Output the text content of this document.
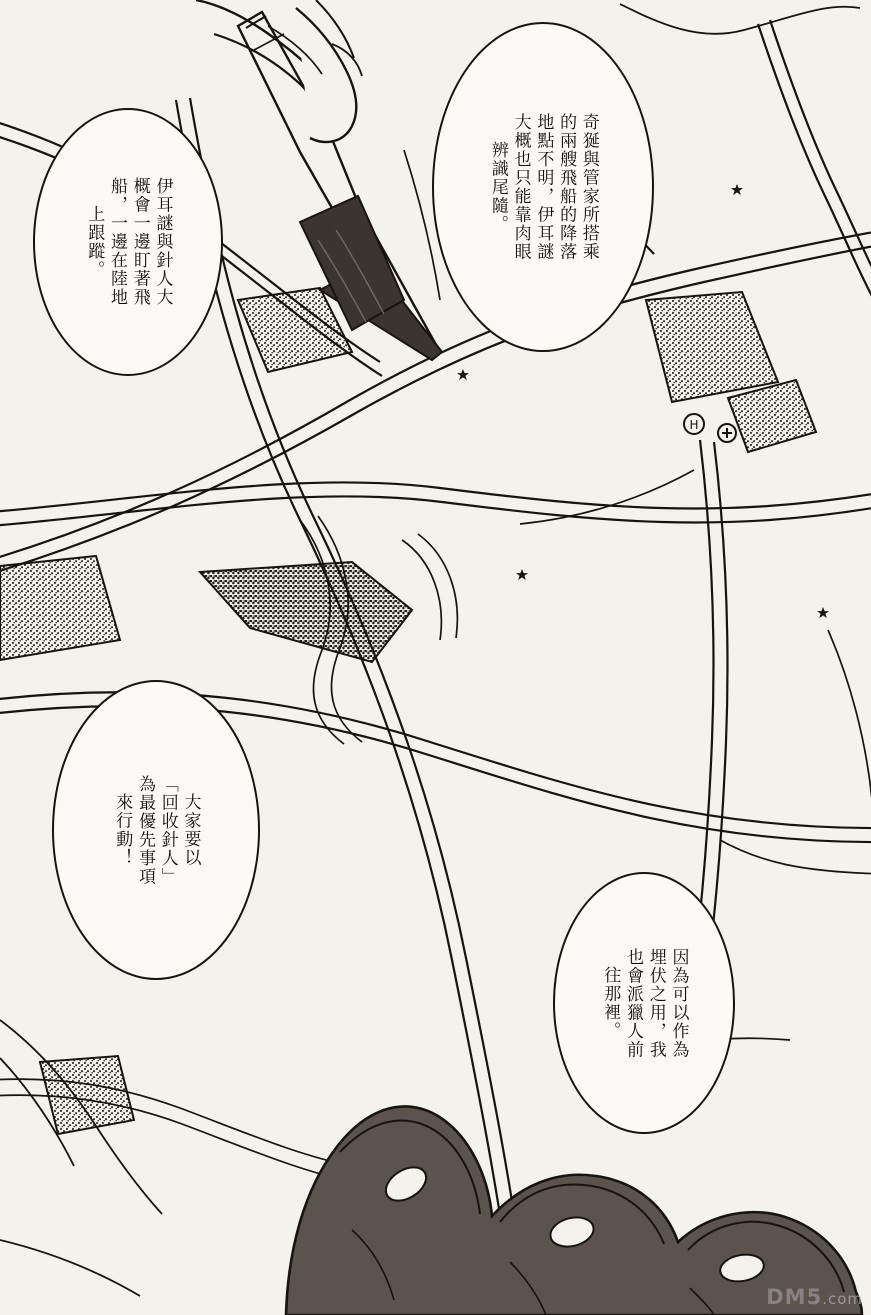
H
伊耳謎與針人大
概會一邊盯著飛
船，一邊在陸地
上跟蹤。	奇狿與管家所搭乘
的兩艘飛船的降落
地點不明，伊耳謎
大概也只能靠肉眼
辨識尾隨。
大家要以
「回收針人」
為最優先事項
來行動！
因為可以作為
埋伏之用，我
也會派獵人前
往那裡。
DM5.com
